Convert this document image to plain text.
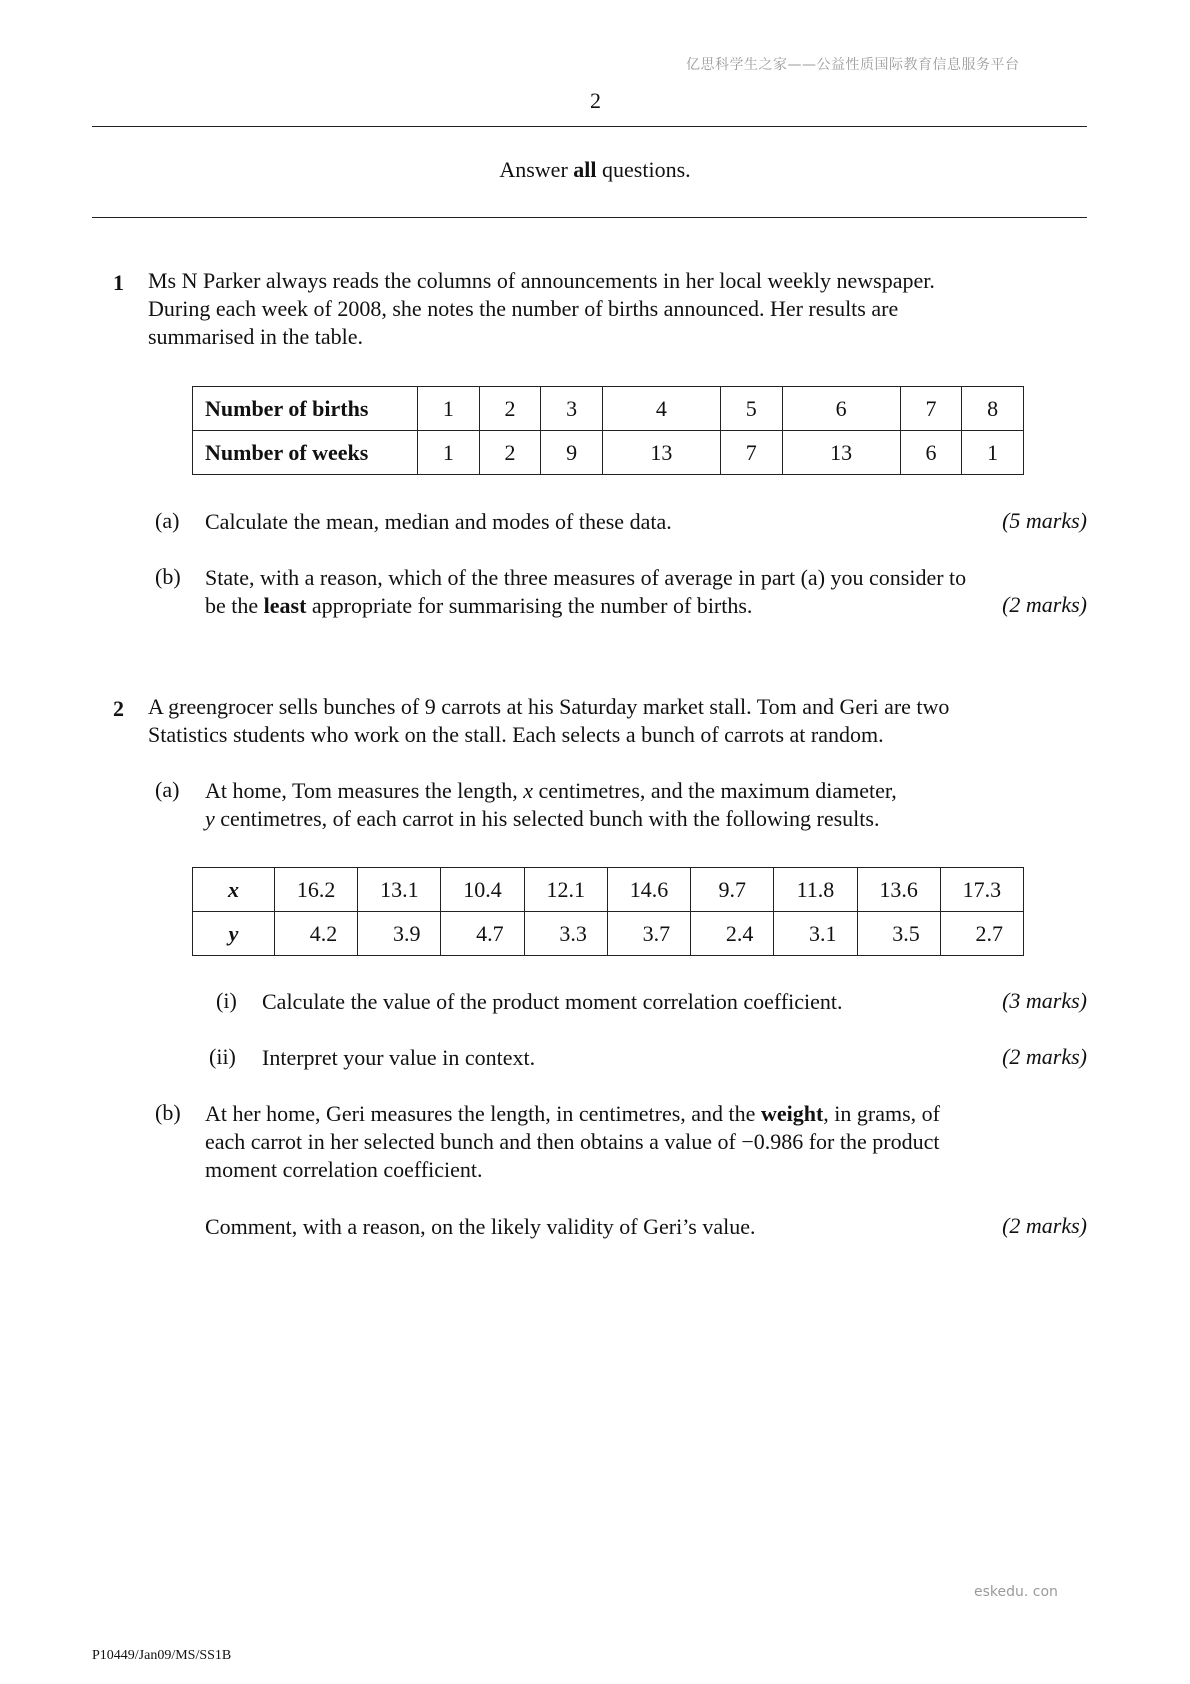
亿思科学生之家——公益性质国际教育信息服务平台
2
Answer all questions.
1 Ms N Parker always reads the columns of announcements in her local weekly newspaper.
During each week of 2008, she notes the number of births announced. Her results are
summarised in the table.
Number of births	1	2	3	4	5	6	7	8
Number of weeks	1	2	9	13	7	13	6	1
(a) Calculate the mean, median and modes of these data.	(5 marks)
(b) State, with a reason, which of the three measures of average in part (a) you consider to
be the least appropriate for summarising the number of births.	(2 marks)
2 A greengrocer sells bunches of 9 carrots at his Saturday market stall. Tom and Geri are two
Statistics students who work on the stall. Each selects a bunch of carrots at random.
(a) At home, Tom measures the length, x centimetres, and the maximum diameter,
y centimetres, of each carrot in his selected bunch with the following results.
x	16.2	13.1	10.4	12.1	14.6	9.7	11.8	13.6	17.3
y	4.2	3.9	4.7	3.3	3.7	2.4	3.1	3.5	2.7
(i) Calculate the value of the product moment correlation coefficient.	(3 marks)
(ii) Interpret your value in context.	(2 marks)
(b) At her home, Geri measures the length, in centimetres, and the weight, in grams, of
each carrot in her selected bunch and then obtains a value of −0.986 for the product
moment correlation coefficient.
Comment, with a reason, on the likely validity of Geri’s value.	(2 marks)
eskedu. con
P10449/Jan09/MS/SS1B
